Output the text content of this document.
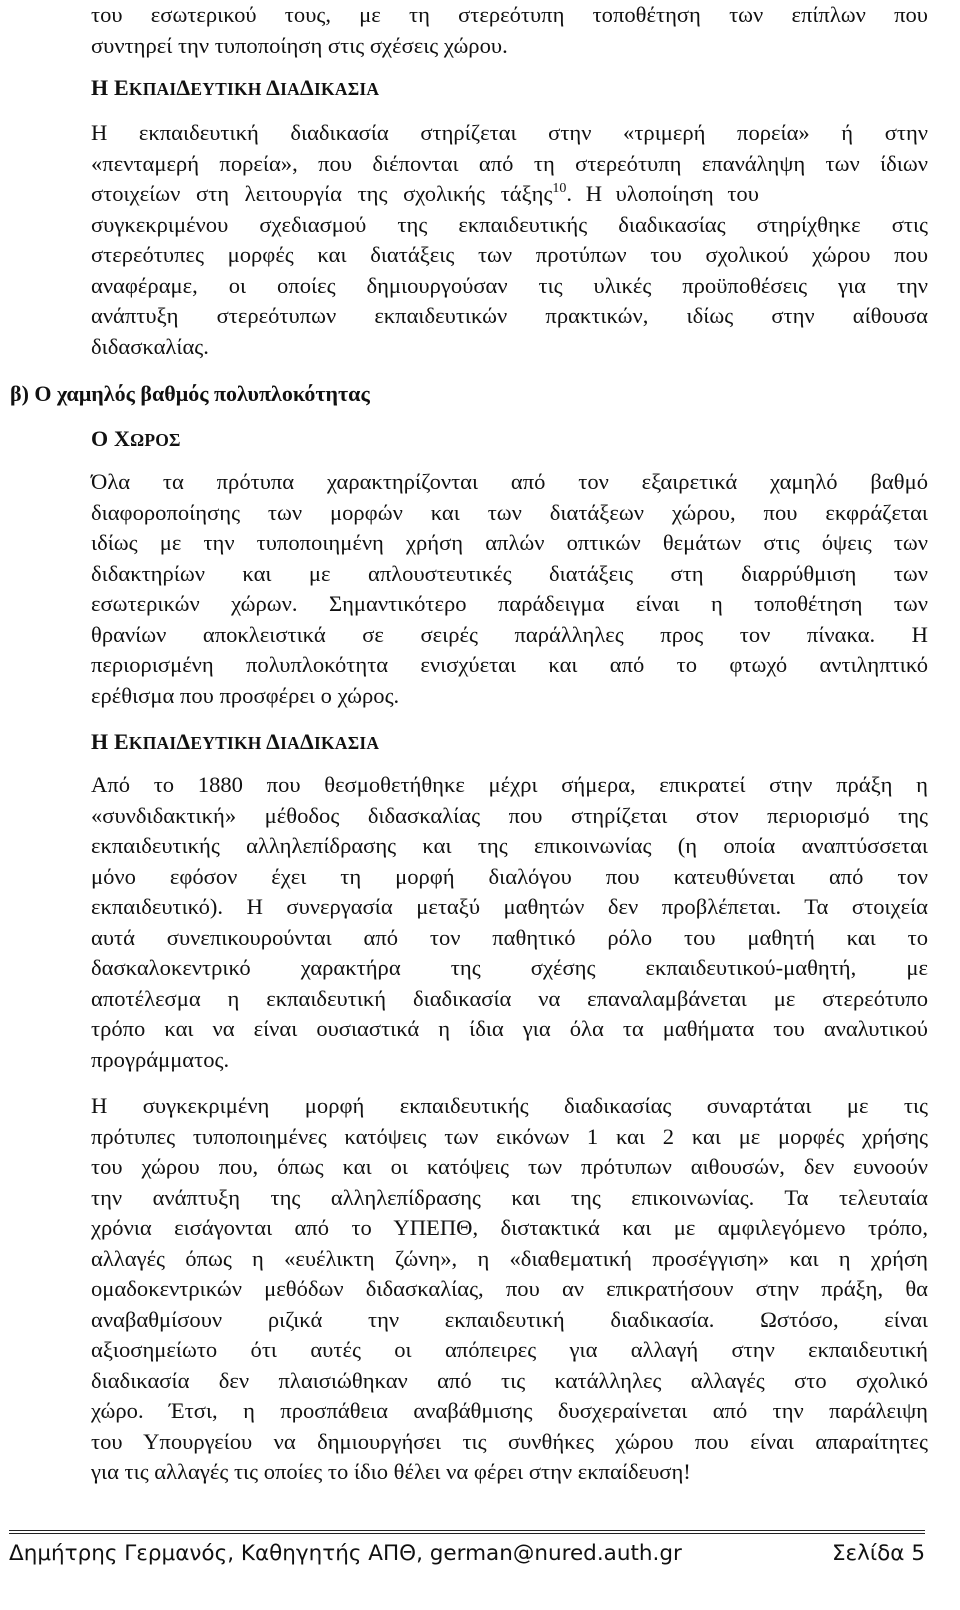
του εσωτερικού τους, με τη στερεότυπη τοποθέτηση των επίπλων που
συντηρεί την τυποποίηση στις σχέσεις χώρου.
Η ΕΚΠΑΙΔΕΥΤΙΚΗ ΔΙΑΔΙΚΑΣΙΑ
Η εκπαιδευτική διαδικασία στηρίζεται στην «τριμερή πορεία» ή στην
«πενταμερή πορεία», που διέπονται από τη στερεότυπη επανάληψη των ίδιων
στοιχείων στη λειτουργία της σχολικής τάξης$^{10}$. Η υλοποίηση του
συγκεκριμένου σχεδιασμού της εκπαιδευτικής διαδικασίας στηρίχθηκε στις
στερεότυπες μορφές και διατάξεις των προτύπων του σχολικού χώρου που
αναφέραμε, οι οποίες δημιουργούσαν τις υλικές προϋποθέσεις για την
ανάπτυξη στερεότυπων εκπαιδευτικών πρακτικών, ιδίως στην αίθουσα
διδασκαλίας.
Ο ΧΩΡΟΣ
Όλα τα πρότυπα χαρακτηρίζονται από τον εξαιρετικά χαμηλό βαθμό
διαφοροποίησης των μορφών και των διατάξεων χώρου, που εκφράζεται
ιδίως με την τυποποιημένη χρήση απλών οπτικών θεμάτων στις όψεις των
διδακτηρίων και με απλουστευτικές διατάξεις στη διαρρύθμιση των
εσωτερικών χώρων. Σημαντικότερο παράδειγμα είναι η τοποθέτηση των
θρανίων αποκλειστικά σε σειρές παράλληλες προς τον πίνακα. Η
περιορισμένη πολυπλοκότητα ενισχύεται και από το φτωχό αντιληπτικό
ερέθισμα που προσφέρει ο χώρος.
Η ΕΚΠΑΙΔΕΥΤΙΚΗ ΔΙΑΔΙΚΑΣΙΑ
Από το 1880 που θεσμοθετήθηκε μέχρι σήμερα, επικρατεί στην πράξη η
«συνδιδακτική» μέθοδος διδασκαλίας που στηρίζεται στον περιορισμό της
εκπαιδευτικής αλληλεπίδρασης και της επικοινωνίας (η οποία αναπτύσσεται
μόνο εφόσον έχει τη μορφή διαλόγου που κατευθύνεται από τον
εκπαιδευτικό). Η συνεργασία μεταξύ μαθητών δεν προβλέπεται. Τα στοιχεία
αυτά συνεπικουρούνται από τον παθητικό ρόλο του μαθητή και το
δασκαλοκεντρικό χαρακτήρα της σχέσης εκπαιδευτικού-μαθητή, με
αποτέλεσμα η εκπαιδευτική διαδικασία να επαναλαμβάνεται με στερεότυπο
τρόπο και να είναι ουσιαστικά η ίδια για όλα τα μαθήματα του αναλυτικού
προγράμματος.
Η συγκεκριμένη μορφή εκπαιδευτικής διαδικασίας συναρτάται με τις
πρότυπες τυποποιημένες κατόψεις των εικόνων 1 και 2 και με μορφές χρήσης
του χώρου που, όπως και οι κατόψεις των πρότυπων αιθουσών, δεν ευνοούν
την ανάπτυξη της αλληλεπίδρασης και της επικοινωνίας. Τα τελευταία
χρόνια εισάγονται από το ΥΠΕΠΘ, διστακτικά και με αμφιλεγόμενο τρόπο,
αλλαγές όπως η «ευέλικτη ζώνη», η «διαθεματική προσέγγιση» και η χρήση
ομαδοκεντρικών μεθόδων διδασκαλίας, που αν επικρατήσουν στην πράξη, θα
αναβαθμίσουν ριζικά την εκπαιδευτική διαδικασία. Ωστόσο, είναι
αξιοσημείωτο ότι αυτές οι απόπειρες για αλλαγή στην εκπαιδευτική
διαδικασία δεν πλαισιώθηκαν από τις κατάλληλες αλλαγές στο σχολικό
χώρο. Έτσι, η προσπάθεια αναβάθμισης δυσχεραίνεται από την παράλειψη
του Υπουργείου να δημιουργήσει τις συνθήκες χώρου που είναι απαραίτητες
για τις αλλαγές τις οποίες το ίδιο θέλει να φέρει στην εκπαίδευση!
β) Ο χαμηλός βαθμός πολυπλοκότητας
Δημήτρης Γερμανός, Καθηγητής ΑΠΘ, german@nured.auth.gr	Σελίδα 5
